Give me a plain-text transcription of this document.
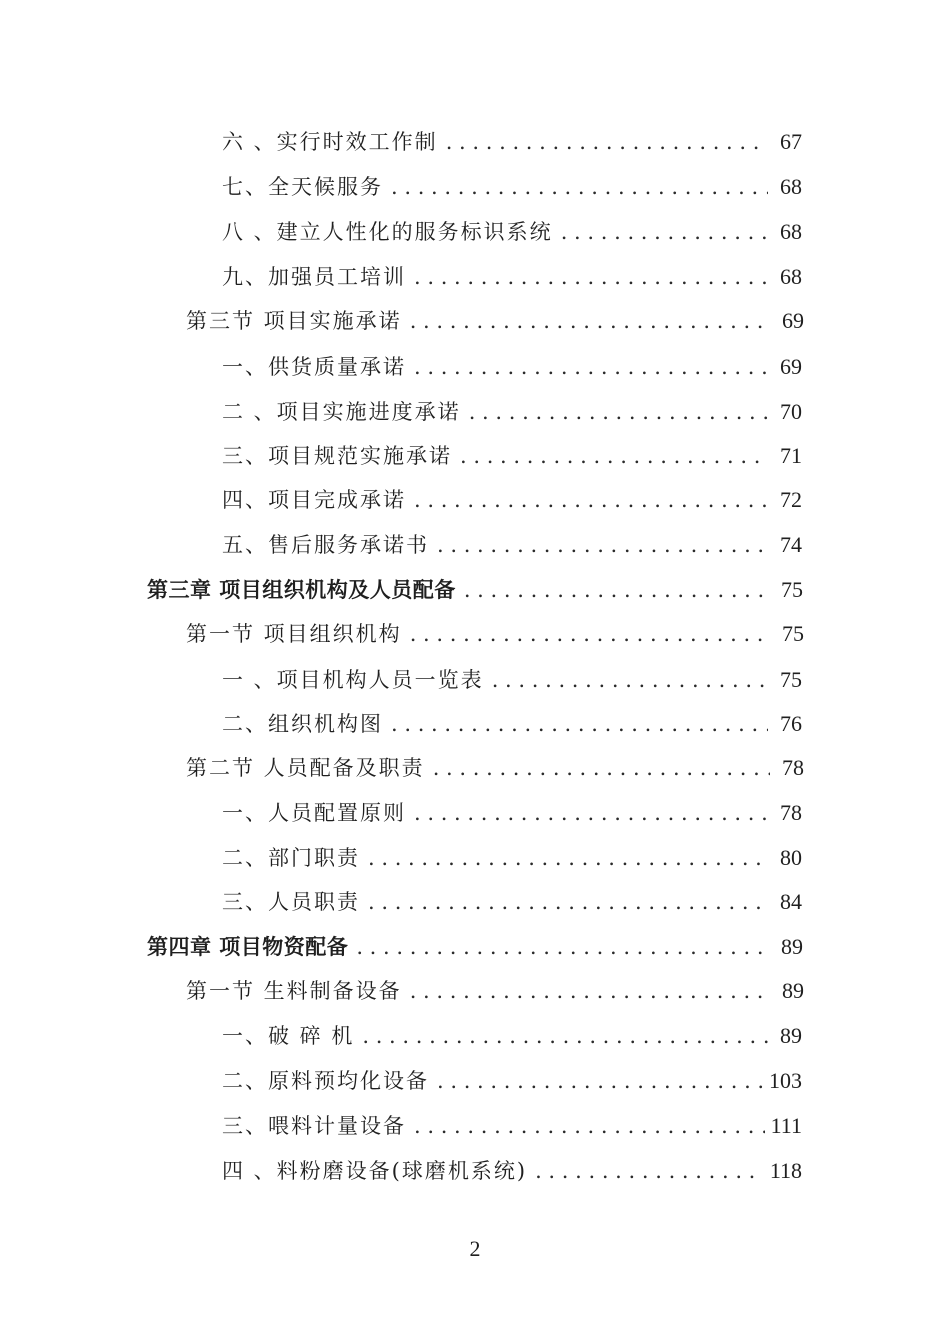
六 、实行时效工作制 . . .	67
七、全天候服务 . . .	68
八 、建立人性化的服务标识系统 . . .	68
九、加强员工培训 . . .	68
第三节 项目实施承诺 . . .	69
一、供货质量承诺 . . .	69
二 、项目实施进度承诺 . . .	70
三、项目规范实施承诺 . . .	71
四、项目完成承诺 . . .	72
五、售后服务承诺书 . . .	74
第三章 项目组织机构及人员配备 . . .	75
第一节 项目组织机构 . . .	75
一 、项目机构人员一览表 . . .	75
二、组织机构图 . . .	76
第二节 人员配备及职责 . . .	78
一、人员配置原则 . . .	78
二、部门职责 . . .	80
三、人员职责 . . .	84
第四章 项目物资配备 . . .	89
第一节 生料制备设备 . . .	89
一、破 碎 机 . . .	89
二、原料预均化设备 . . .	103
三、喂料计量设备 . . .	111
四 、料粉磨设备(球磨机系统) . . .	118
2
